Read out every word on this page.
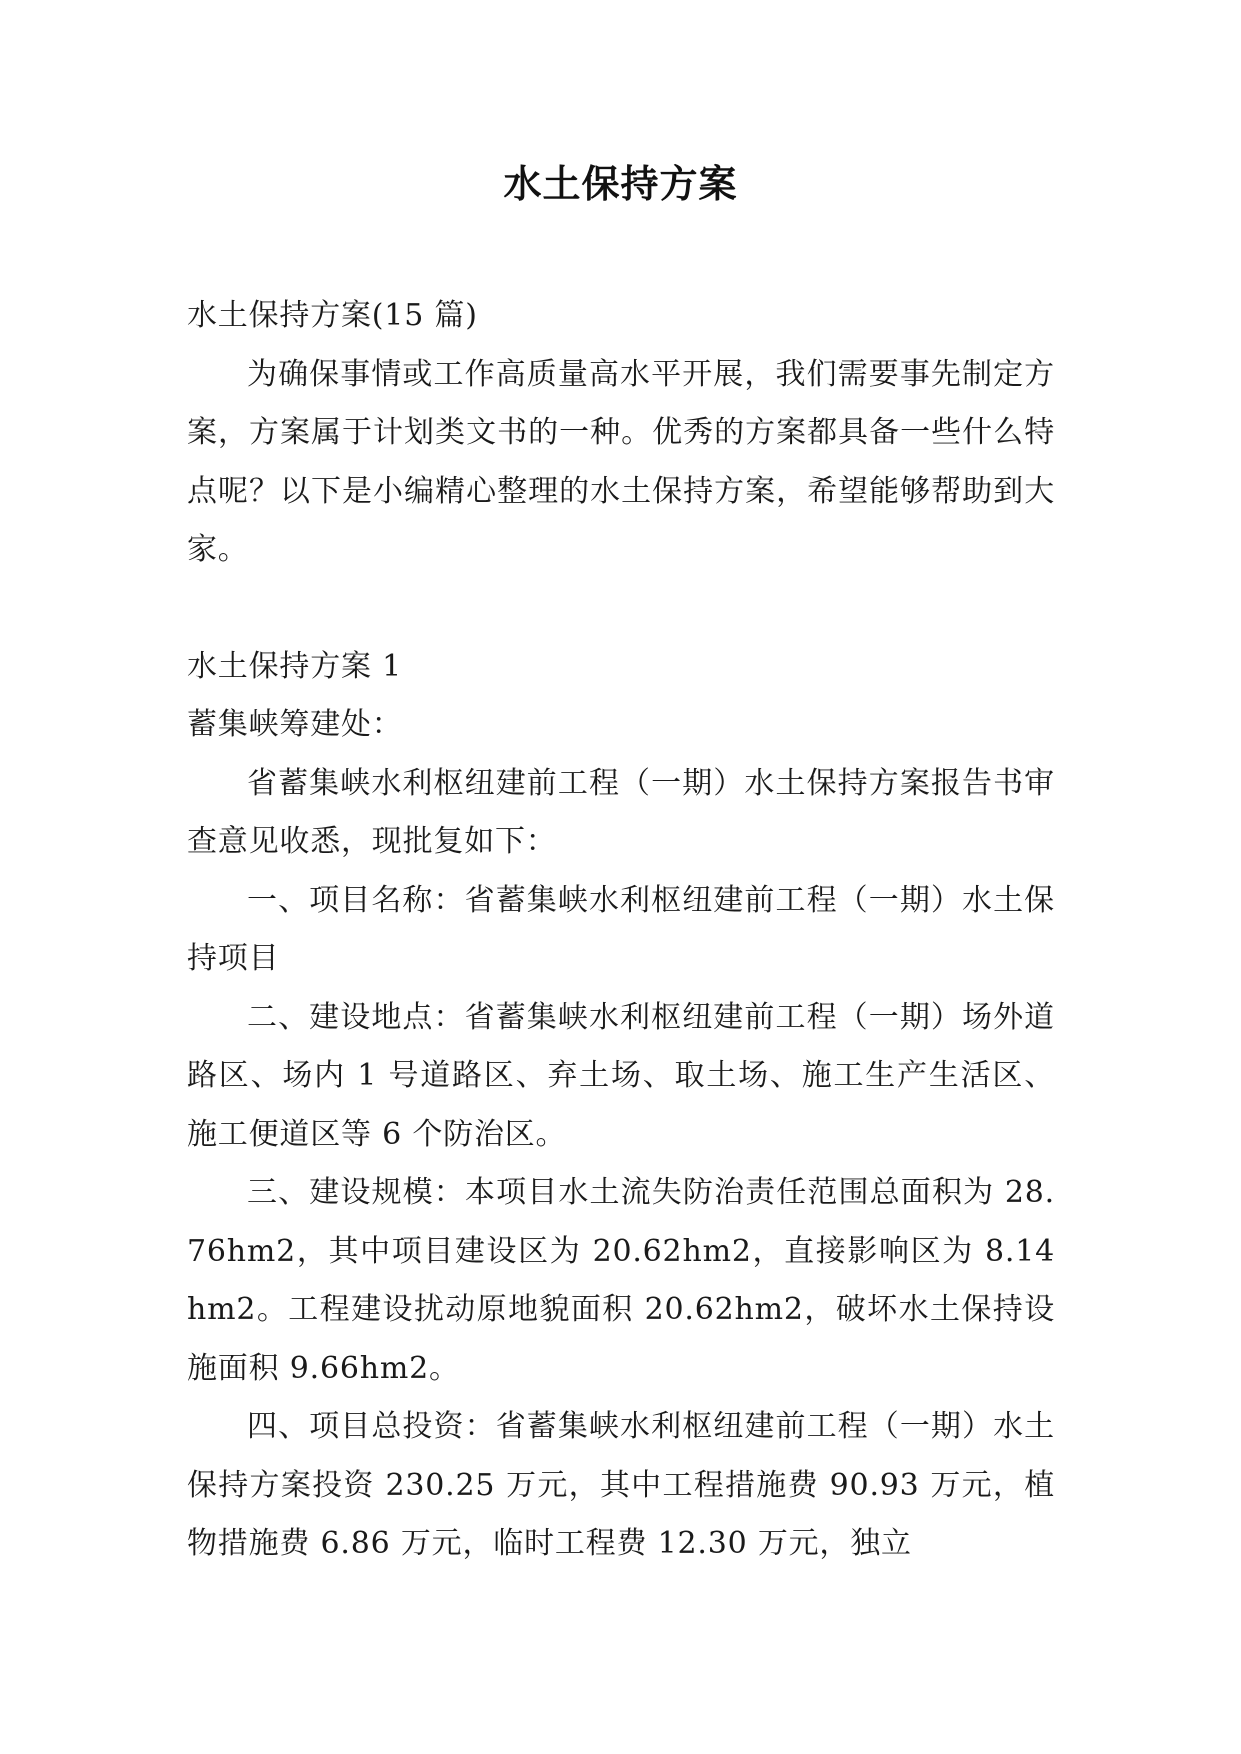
水土保持方案

水土保持方案(15 篇)

为确保事情或工作高质量高水平开展，我们需要事先制定方案，方案属于计划类文书的一种。优秀的方案都具备一些什么特点呢？以下是小编精心整理的水土保持方案，希望能够帮助到大家。

水土保持方案 1

蓄集峡筹建处：

省蓄集峡水利枢纽建前工程（一期）水土保持方案报告书审查意见收悉，现批复如下：

一、项目名称：省蓄集峡水利枢纽建前工程（一期）水土保持项目

二、建设地点：省蓄集峡水利枢纽建前工程（一期）场外道路区、场内 1 号道路区、弃土场、取土场、施工生产生活区、施工便道区等 6 个防治区。

三、建设规模：本项目水土流失防治责任范围总面积为 28.76hm2，其中项目建设区为 20.62hm2，直接影响区为 8.14hm2。工程建设扰动原地貌面积 20.62hm2，破坏水土保持设施面积 9.66hm2。

四、项目总投资：省蓄集峡水利枢纽建前工程（一期）水土保持方案投资 230.25 万元，其中工程措施费 90.93 万元，植物措施费 6.86 万元，临时工程费 12.30 万元，独立
